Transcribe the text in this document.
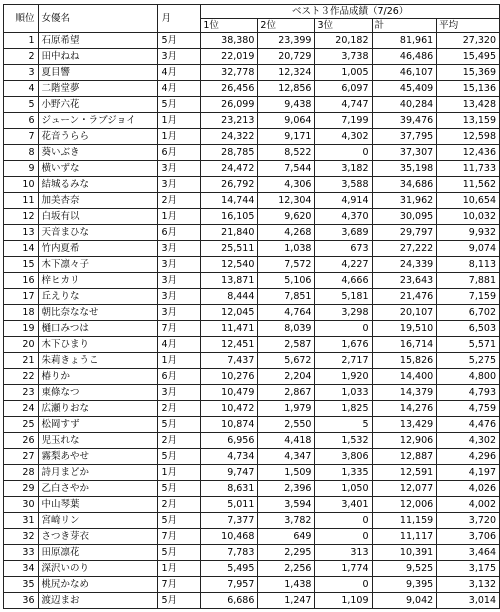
順位	女優名	月	ベスト３作品成績（7/26）				
			1位	2位	3位	計	平均
1	石原希望	5月	38,380	23,399	20,182	81,961	27,320
2	田中ねね	3月	22,019	20,729	3,738	46,486	15,495
3	夏目響	4月	32,778	12,324	1,005	46,107	15,369
4	二階堂夢	4月	26,456	12,856	6,097	45,409	15,136
5	小野六花	5月	26,099	9,438	4,747	40,284	13,428
6	ジューン・ラブジョイ	1月	23,213	9,064	7,199	39,476	13,159
7	花音うらら	1月	24,322	9,171	4,302	37,795	12,598
8	葵いぶき	6月	28,785	8,522	0	37,307	12,436
9	横いずな	3月	24,472	7,544	3,182	35,198	11,733
10	結城るみな	3月	26,792	4,306	3,588	34,686	11,562
11	加美杏奈	2月	14,744	12,304	4,914	31,962	10,654
12	白坂有以	1月	16,105	9,620	4,370	30,095	10,032
13	天音まひな	6月	21,840	4,268	3,689	29,797	9,932
14	竹内夏希	3月	25,511	1,038	673	27,222	9,074
15	木下凛々子	3月	12,540	7,572	4,227	24,339	8,113
16	梓ヒカリ	3月	13,871	5,106	4,666	23,643	7,881
17	丘えりな	3月	8,444	7,851	5,181	21,476	7,159
18	朝比奈ななせ	3月	12,045	4,764	3,298	20,107	6,702
19	樋口みつは	7月	11,471	8,039	0	19,510	6,503
20	木下ひまり	4月	12,451	2,587	1,676	16,714	5,571
21	朱莉きょうこ	1月	7,437	5,672	2,717	15,826	5,275
22	椿りか	6月	10,276	2,204	1,920	14,400	4,800
23	東條なつ	3月	10,479	2,867	1,033	14,379	4,793
24	広瀬りおな	2月	10,472	1,979	1,825	14,276	4,759
25	松岡すず	5月	10,874	2,550	5	13,429	4,476
26	児玉れな	2月	6,956	4,418	1,532	12,906	4,302
27	霧梨あやせ	5月	4,734	4,347	3,806	12,887	4,296
28	詩月まどか	1月	9,747	1,509	1,335	12,591	4,197
29	乙白さやか	5月	8,631	2,396	1,050	12,077	4,026
30	中山琴葉	2月	5,011	3,594	3,401	12,006	4,002
31	宮崎リン	5月	7,377	3,782	0	11,159	3,720
32	さつき芽衣	7月	10,468	649	0	11,117	3,706
33	田原凛花	5月	7,783	2,295	313	10,391	3,464
34	深沢いのり	1月	5,495	2,256	1,774	9,525	3,175
35	桃尻かなめ	7月	7,957	1,438	0	9,395	3,132
36	渡辺まお	5月	6,686	1,247	1,109	9,042	3,014
